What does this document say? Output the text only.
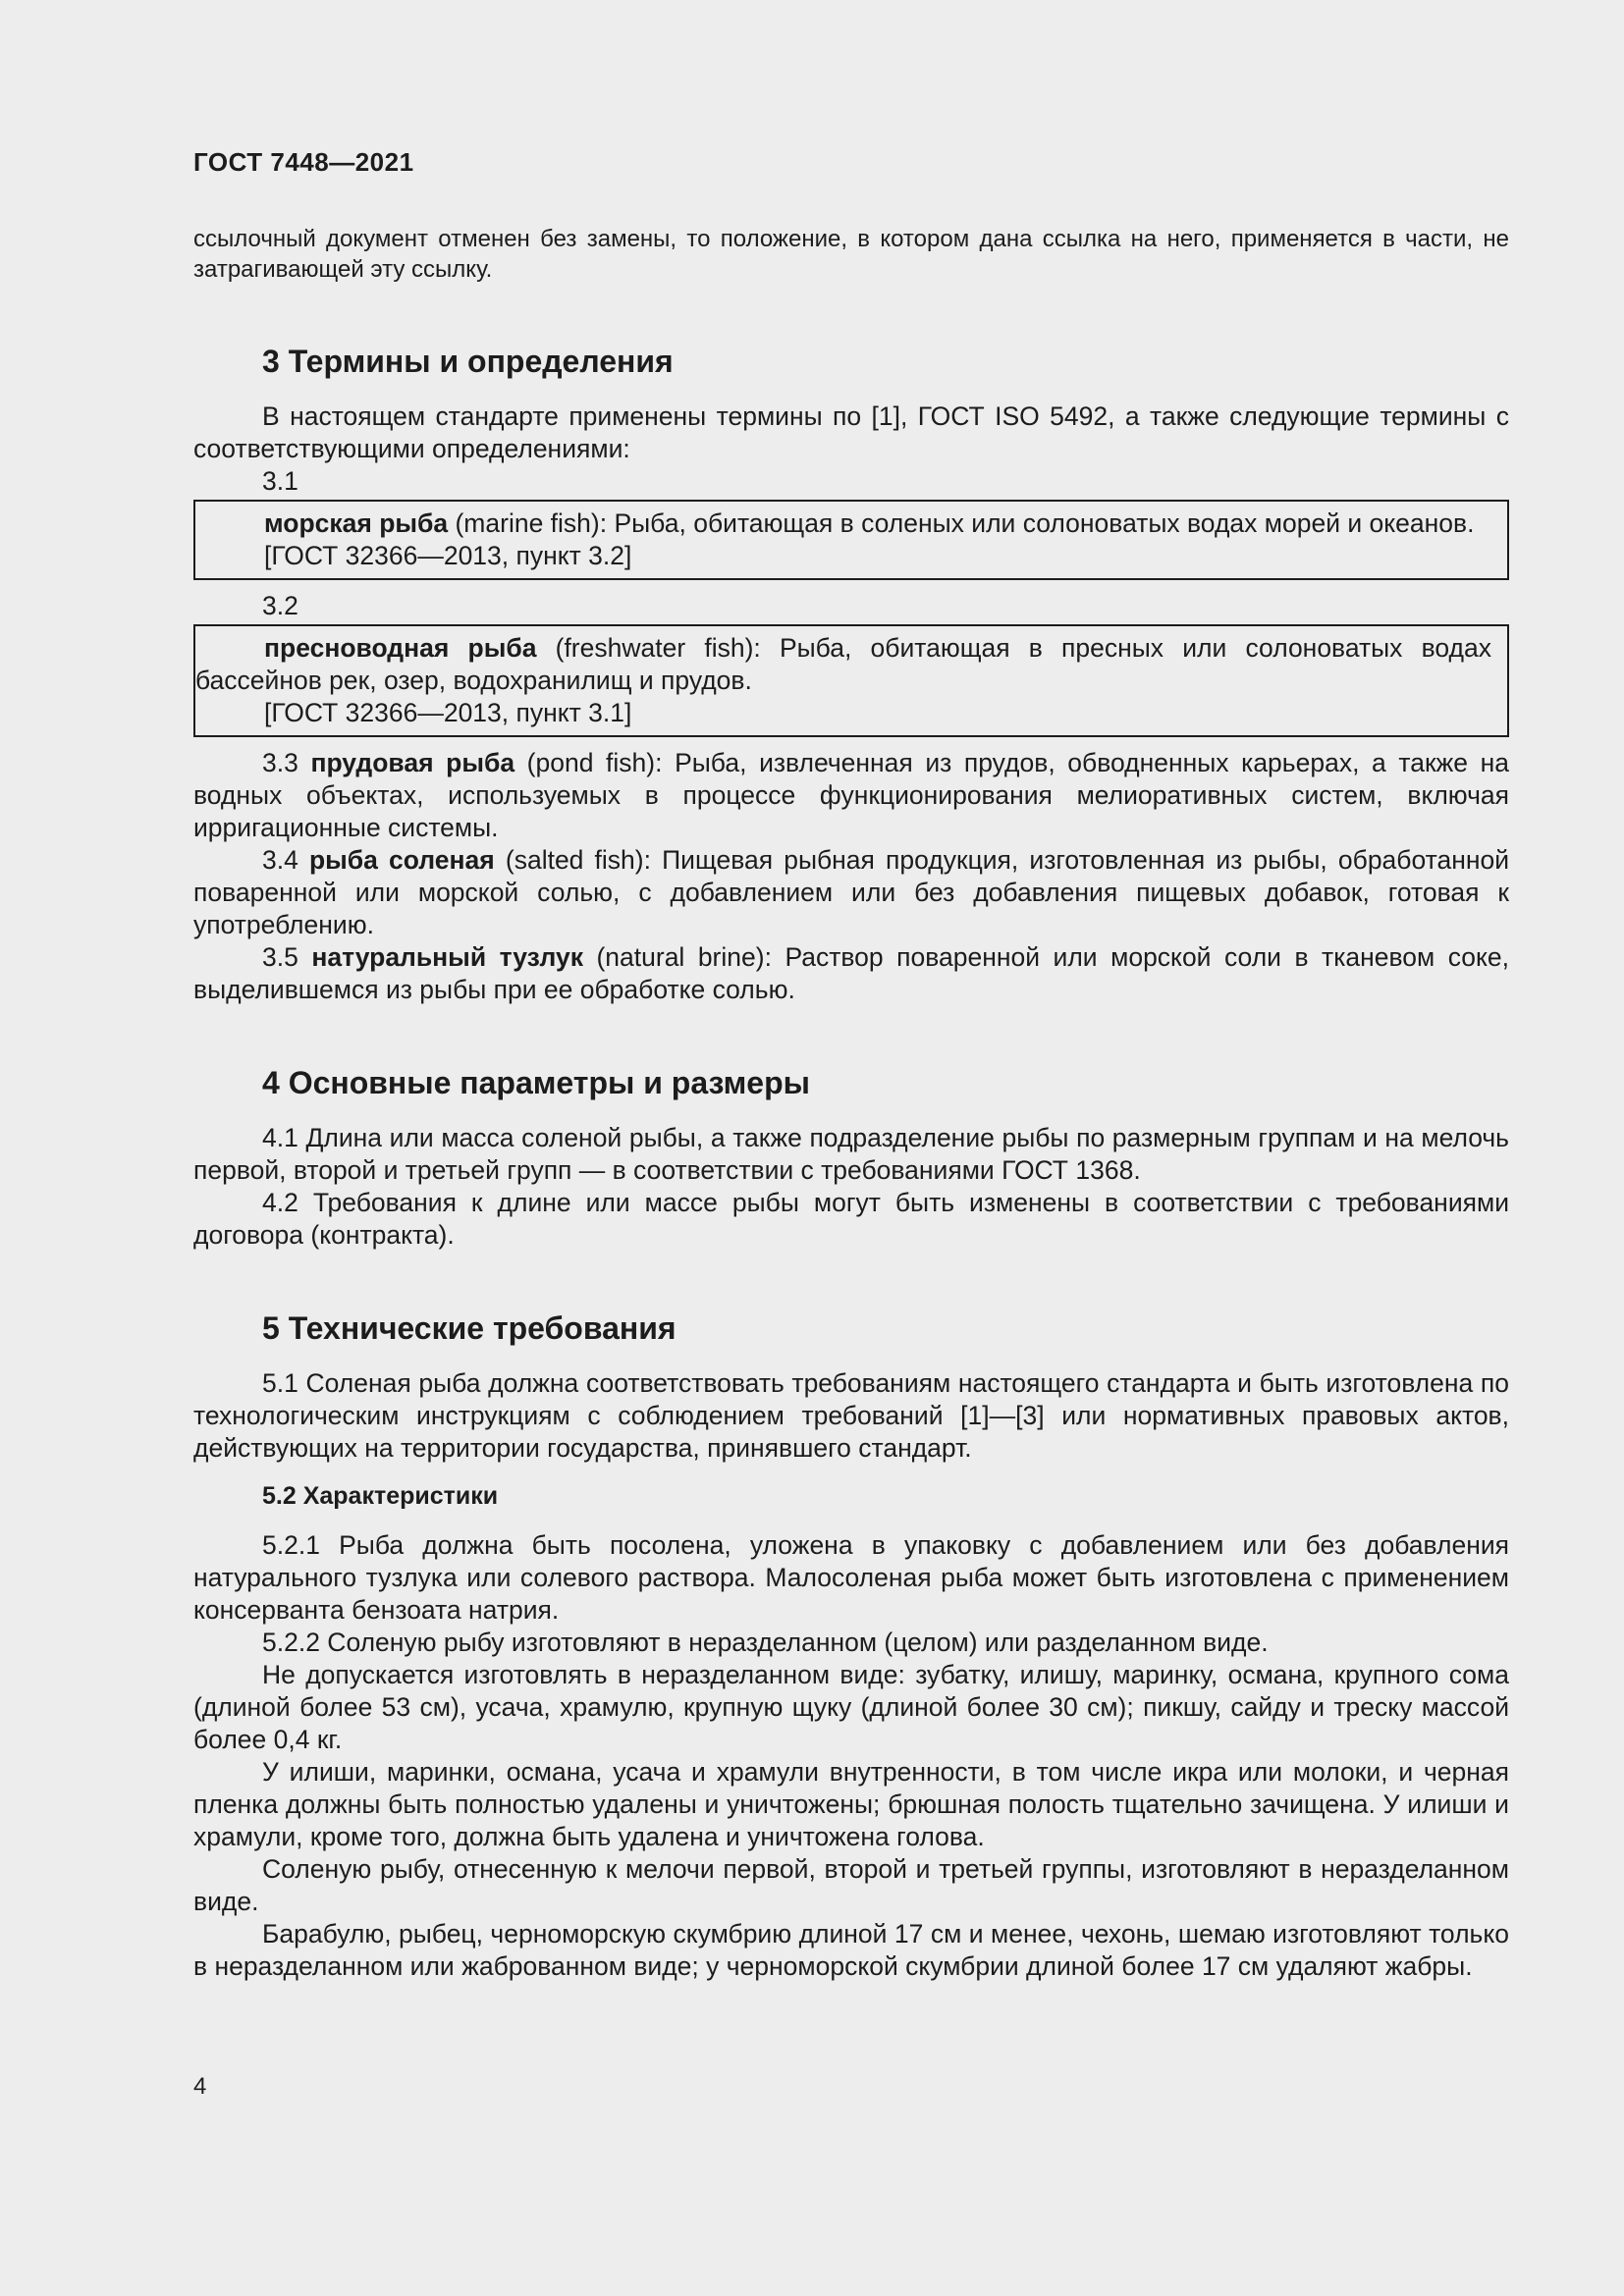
ГОСТ 7448—2021

ссылочный документ отменен без замены, то положение, в котором дана ссылка на него, применяется в части, не затрагивающей эту ссылку.

3 Термины и определения

В настоящем стандарте применены термины по [1], ГОСТ ISO 5492, а также следующие термины с соответствующими определениями:

3.1

морская рыба (marine fish): Рыба, обитающая в соленых или солоноватых водах морей и океанов.

[ГОСТ 32366—2013, пункт 3.2]
3.2

пресноводная рыба (freshwater fish): Рыба, обитающая в пресных или солоноватых водах бассейнов рек, озер, водохранилищ и прудов.

[ГОСТ 32366—2013, пункт 3.1]

3.3 прудовая рыба (pond fish): Рыба, извлеченная из прудов, обводненных карьерах, а также на водных объектах, используемых в процессе функционирования мелиоративных систем, включая ирригационные системы.

3.4 рыба соленая (salted fish): Пищевая рыбная продукция, изготовленная из рыбы, обработанной поваренной или морской солью, с добавлением или без добавления пищевых добавок, готовая к употреблению.

3.5 натуральный тузлук (natural brine): Раствор поваренной или морской соли в тканевом соке, выделившемся из рыбы при ее обработке солью.

4 Основные параметры и размеры

4.1 Длина или масса соленой рыбы, а также подразделение рыбы по размерным группам и на мелочь первой, второй и третьей групп — в соответствии с требованиями ГОСТ 1368.

4.2 Требования к длине или массе рыбы могут быть изменены в соответствии с требованиями договора (контракта).

5 Технические требования

5.1 Соленая рыба должна соответствовать требованиям настоящего стандарта и быть изготовлена по технологическим инструкциям с соблюдением требований [1]—[3] или нормативных правовых актов, действующих на территории государства, принявшего стандарт.

5.2 Характеристики

5.2.1 Рыба должна быть посолена, уложена в упаковку с добавлением или без добавления натурального тузлука или солевого раствора. Малосоленая рыба может быть изготовлена с применением консерванта бензоата натрия.

5.2.2 Соленую рыбу изготовляют в неразделанном (целом) или разделанном виде.

Не допускается изготовлять в неразделанном виде: зубатку, илишу, маринку, османа, крупного сома (длиной более 53 см), усача, храмулю, крупную щуку (длиной более 30 см); пикшу, сайду и треску массой более 0,4 кг.

У илиши, маринки, османа, усача и храмули внутренности, в том числе икра или молоки, и черная пленка должны быть полностью удалены и уничтожены; брюшная полость тщательно зачищена. У илиши и храмули, кроме того, должна быть удалена и уничтожена голова.

Соленую рыбу, отнесенную к мелочи первой, второй и третьей группы, изготовляют в неразделанном виде.

Барабулю, рыбец, черноморскую скумбрию длиной 17 см и менее, чехонь, шемаю изготовляют только в неразделанном или жаброванном виде; у черноморской скумбрии длиной более 17 см удаляют жабры.

4
